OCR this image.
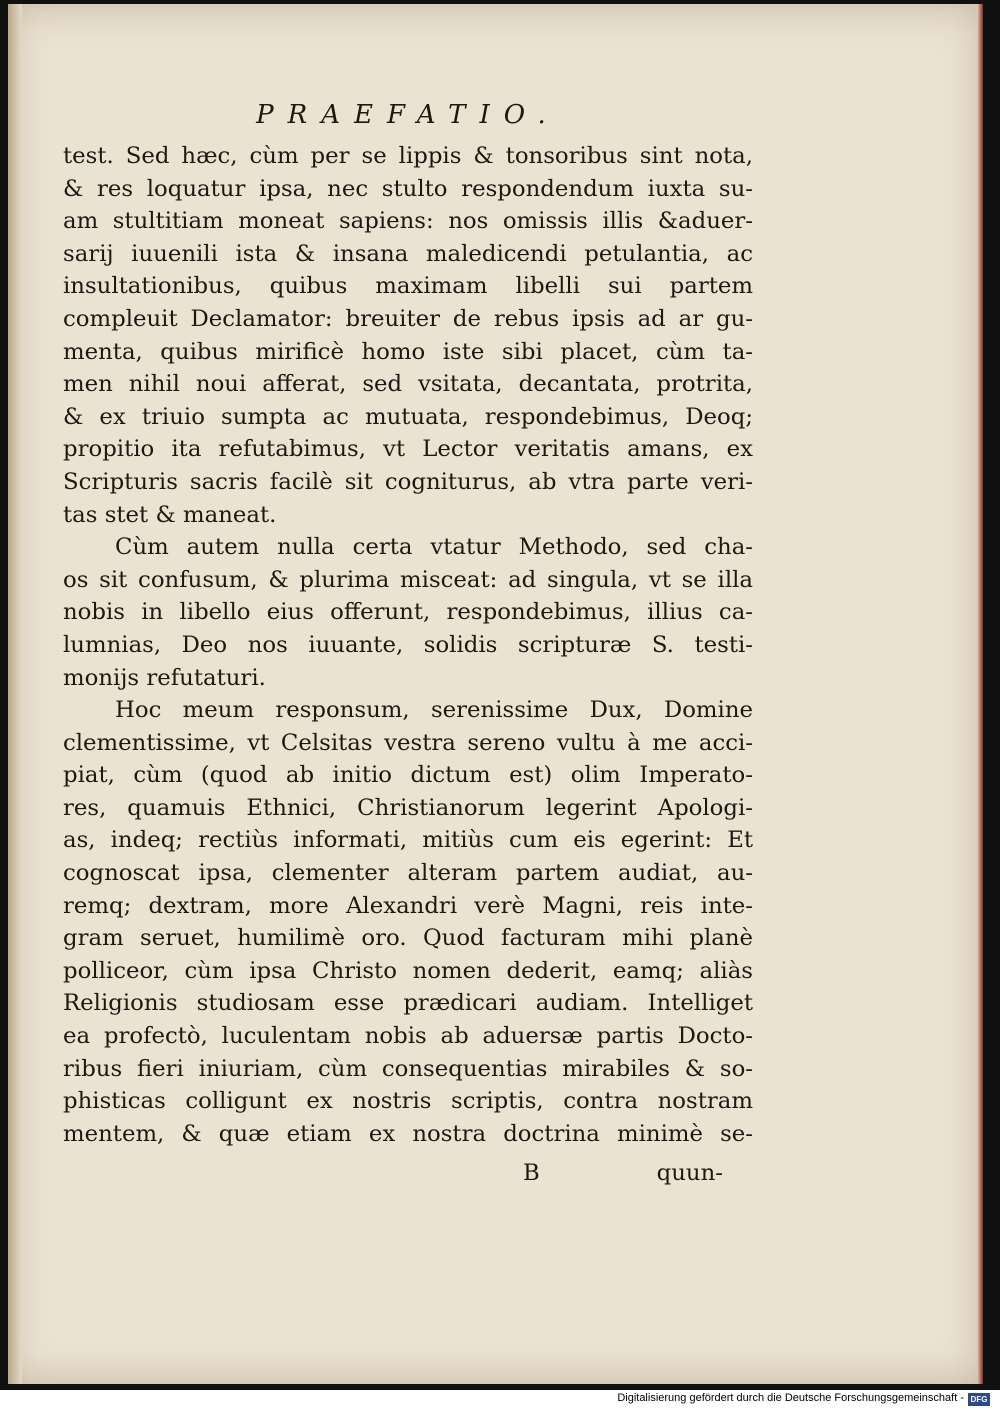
PRAEFATIO.
test. Sed hæc, cùm per se lippis & tonsoribus sint nota,
& res loquatur ipsa, nec stulto respondendum iuxta su-
am stultitiam moneat sapiens: nos omissis illis &aduer-
sarij iuuenili ista & insana maledicendi petulantia, ac
insultationibus, quibus maximam libelli sui partem
compleuit Declamator: breuiter de rebus ipsis ad ar gu-
menta, quibus mirificè homo iste sibi placet, cùm ta-
men nihil noui afferat, sed vsitata, decantata, protrita,
& ex triuio sumpta ac mutuata, respondebimus, Deoq;
propitio ita refutabimus, vt Lector veritatis amans, ex
Scripturis sacris facilè sit cogniturus, ab vtra parte veri-
tas stet & maneat.
Cùm autem nulla certa vtatur Methodo, sed cha-
os sit confusum, & plurima misceat: ad singula, vt se illa
nobis in libello eius offerunt, respondebimus, illius ca-
lumnias, Deo nos iuuante, solidis scripturæ S. testi-
monijs refutaturi.
Hoc meum responsum, serenissime Dux, Domine
clementissime, vt Celsitas vestra sereno vultu à me acci-
piat, cùm (quod ab initio dictum est) olim Imperato-
res, quamuis Ethnici, Christianorum legerint Apologi-
as, indeq; rectiùs informati, mitiùs cum eis egerint: Et
cognoscat ipsa, clementer alteram partem audiat, au-
remq; dextram, more Alexandri verè Magni, reis inte-
gram seruet, humilimè oro. Quod facturam mihi planè
polliceor, cùm ipsa Christo nomen dederit, eamq; aliàs
Religionis studiosam esse prædicari audiam. Intelliget
ea profectò, luculentam nobis ab aduersæ partis Docto-
ribus fieri iniuriam, cùm consequentias mirabiles & so-
phisticas colligunt ex nostris scriptis, contra nostram
mentem, & quæ etiam ex nostra doctrina minimè se-
B	quun-
Digitalisierung gefördert durch die Deutsche Forschungsgemeinschaft - DFG
